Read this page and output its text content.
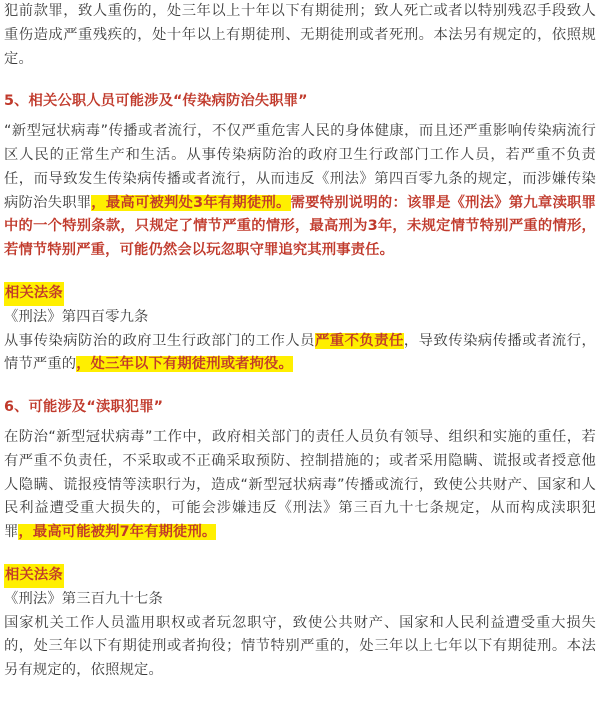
犯前款罪，致人重伤的，处三年以上十年以下有期徒刑；致人死亡或者以特别残忍手段致人重伤造成严重残疾的，处十年以上有期徒刑、无期徒刑或者死刑。本法另有规定的，依照规定。

5、相关公职人员可能涉及“传染病防治失职罪”

“新型冠状病毒”传播或者流行，不仅严重危害人民的身体健康，而且还严重影响传染病流行区人民的正常生产和生活。从事传染病防治的政府卫生行政部门工作人员，若严重不负责任，而导致发生传染病传播或者流行，从而违反《刑法》第四百零九条的规定，而涉嫌传染病防治失职罪，最高可被判处3年有期徒刑。需要特别说明的：该罪是《刑法》第九章渎职罪中的一个特别条款，只规定了情节严重的情形，最高刑为3年，未规定情节特别严重的情形，若情节特别严重，可能仍然会以玩忽职守罪追究其刑事责任。

相关法条

《刑法》第四百零九条

从事传染病防治的政府卫生行政部门的工作人员严重不负责任，导致传染病传播或者流行，情节严重的，处三年以下有期徒刑或者拘役。

6、可能涉及“渎职犯罪”

在防治“新型冠状病毒”工作中，政府相关部门的责任人员负有领导、组织和实施的重任，若有严重不负责任，不采取或不正确采取预防、控制措施的；或者采用隐瞒、谎报或者授意他人隐瞒、谎报疫情等渎职行为，造成“新型冠状病毒”传播或流行，致使公共财产、国家和人民利益遭受重大损失的，可能会涉嫌违反《刑法》第三百九十七条规定，从而构成渎职犯罪，最高可能被判7年有期徒刑。

相关法条

《刑法》第三百九十七条

国家机关工作人员滥用职权或者玩忽职守，致使公共财产、国家和人民利益遭受重大损失的，处三年以下有期徒刑或者拘役；情节特别严重的，处三年以上七年以下有期徒刑。本法另有规定的，依照规定。
